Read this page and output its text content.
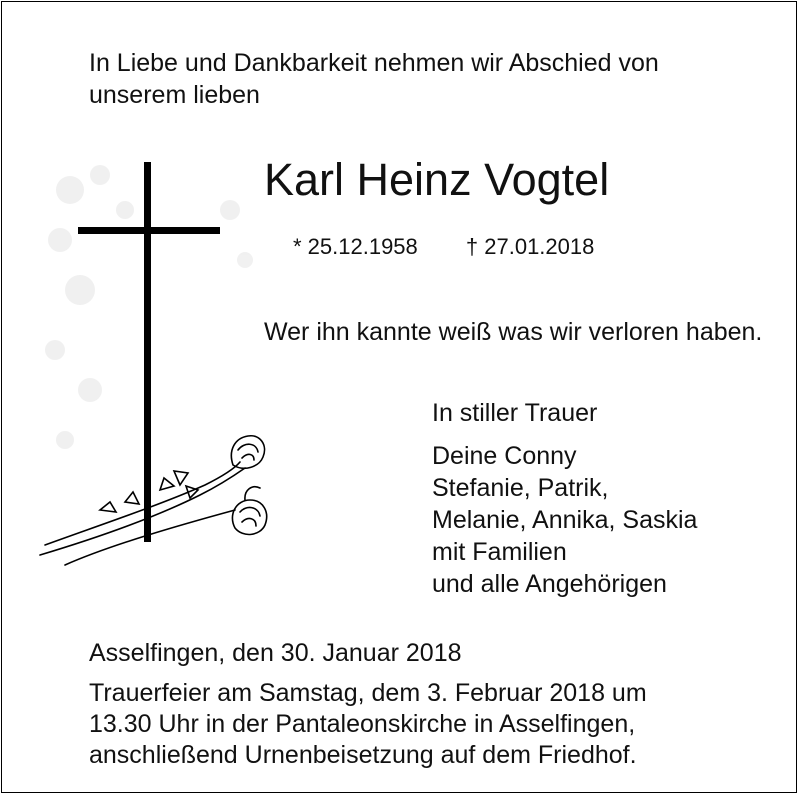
In Liebe und Dankbarkeit nehmen wir Abschied von unserem lieben
Karl Heinz Vogtel
* 25.12.1958 † 27.01.2018
Wer ihn kannte weiß was wir verloren haben.
In stiller Trauer
Deine Conny
Stefanie, Patrik,
Melanie, Annika, Saskia
mit Familien
und alle Angehörigen
Asselfingen, den 30. Januar 2018
Trauerfeier am Samstag, dem 3. Februar 2018 um
13.30 Uhr in der Pantaleonskirche in Asselfingen,
anschließend Urnenbeisetzung auf dem Friedhof.
